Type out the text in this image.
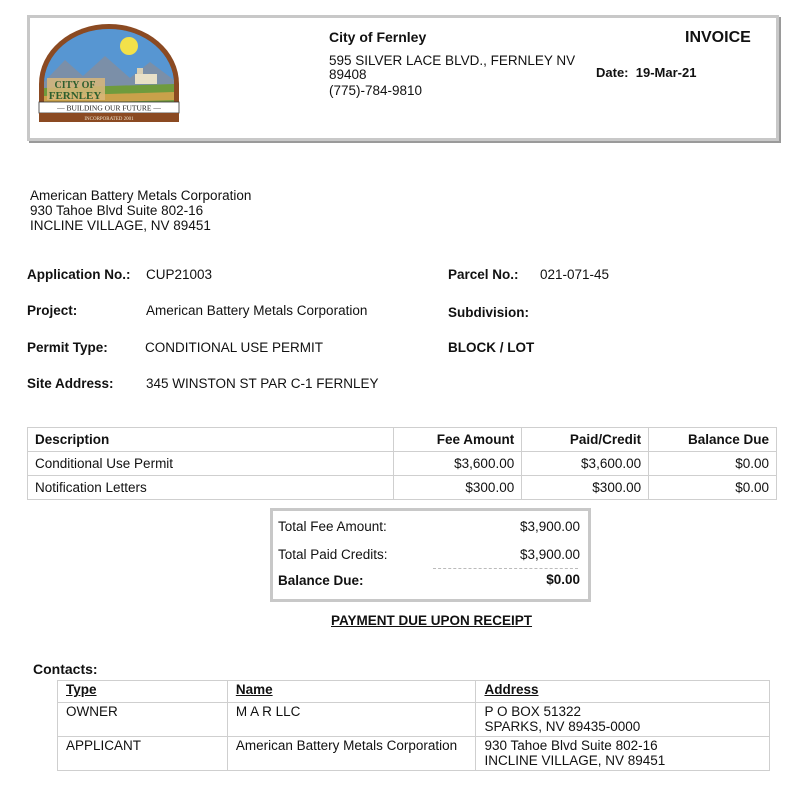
CITY OF
FERNLEY
— BUILDING OUR FUTURE —
INCORPORATED 2001
City of Fernley
595 SILVER LACE BLVD., FERNLEY NV
89408
(775)-784-9810
INVOICE
Date: 19-Mar-21
American Battery Metals Corporation
930 Tahoe Blvd Suite 802-16
INCLINE VILLAGE, NV 89451
Application No.: CUP21003	Parcel No.: 021-071-45
Project:	American Battery Metals Corporation	Subdivision:
Permit Type:	CONDITIONAL USE PERMIT	BLOCK / LOT
Site Address: 345 WINSTON ST PAR C-1 FERNLEY
Description	Fee Amount	Paid/Credit	Balance Due
Conditional Use Permit	$3,600.00	$3,600.00	$0.00
Notification Letters	$300.00	$300.00	$0.00
Total Fee Amount:	$3,900.00
Total Paid Credits:	$3,900.00
Balance Due:	$0.00
PAYMENT DUE UPON RECEIPT
Contacts:
Type	Name	Address
OWNER	M A R LLC	P O BOX 51322
SPARKS, NV 89435-0000

APPLICANT	American Battery Metals Corporation	930 Tahoe Blvd Suite 802-16
INCLINE VILLAGE, NV 89451
